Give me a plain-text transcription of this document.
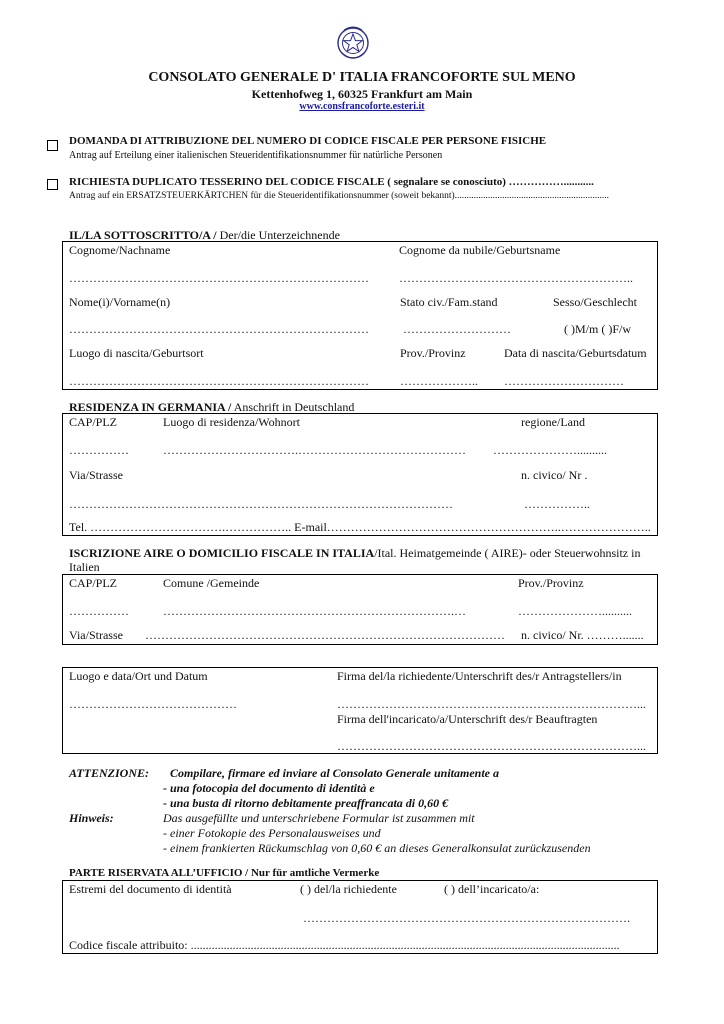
CONSOLATO GENERALE D' ITALIA FRANCOFORTE SUL MENO
Kettenhofweg 1, 60325 Frankfurt am Main
www.consfrancoforte.esteri.it
DOMANDA DI ATTRIBUZIONE DEL NUMERO DI CODICE FISCALE PER PERSONE FISICHE
Antrag auf Erteilung einer italienischen Steueridentifikationsnummer für natürliche Personen
RICHIESTA DUPLICATO TESSERINO DEL CODICE FISCALE ( segnalare se conosciuto) ……………...........
Antrag auf ein ERSATZSTEUERKÄRTCHEN für die Steueridentifikationsnummer (soweit bekannt).................................................................
IL/LA SOTTOSCRITTO/A / Der/die Unterzeichnende
Cognome/Nachname	Cognome da nubile/Geburtsname
…………………………………………………………………	…………………………………………………..
Nome(i)/Vorname(n)	Stato civ./Fam.stand	Sesso/Geschlecht
…………………………………………………………………	………………………	( )M/m ( )F/w
Luogo di nascita/Geburtsort	Prov./Provinz	Data di nascita/Geburtsdatum
…………………………………………………………………	……………….. …………………………
RESIDENZA IN GERMANIA / Anschrift in Deutschland
CAP/PLZ	Luogo di residenza/Wohnort	regione/Land
……………	…………………………….…………………………………… …………………..........
Via/Strasse	n. civico/ Nr .
……………………………………………………………………………………	……………..
Tel. …………………………….…………….. E-mail…………………………………………………..…………………..
ISCRIZIONE AIRE O DOMICILIO FISCALE IN ITALIA/Ital. Heimatgemeinde ( AIRE)- oder Steuerwohnsitz in
Italien
CAP/PLZ	Comune /Gemeinde	Prov./Provinz
……………	……………………………………………………………….…	…………………..........
Via/Strasse ……………………………………………………………………………… n. civico/ Nr. ……….......
Luogo e data/Ort und Datum
……………………………………
Firma del/la richiedente/Unterschrift des/r Antragstellers/in
…………………………………………………………………...
Firma dell'incaricato/a/Unterschrift des/r Beauftragten
…………………………………………………………………...
ATTENZIONE: Compilare, firmare ed inviare al Consolato Generale unitamente a
- una fotocopia del documento di identità e
- una busta di ritorno debitamente preaffrancata di 0,60 €
Hinweis:	Das ausgefüllte und unterschriebene Formular ist zusammen mit
- einer Fotokopie des Personalausweises und
- einem frankierten Rückumschlag von 0,60 € an dieses Generalkonsulat zurückzusenden
PARTE RISERVATA ALL’UFFICIO / Nur für amtliche Vermerke
Estremi del documento di identità	( ) del/la richiedente	( ) dell’incaricato/a:
……………………………………………………………………….
Codice fiscale attribuito: ...............................................................................................................................................
